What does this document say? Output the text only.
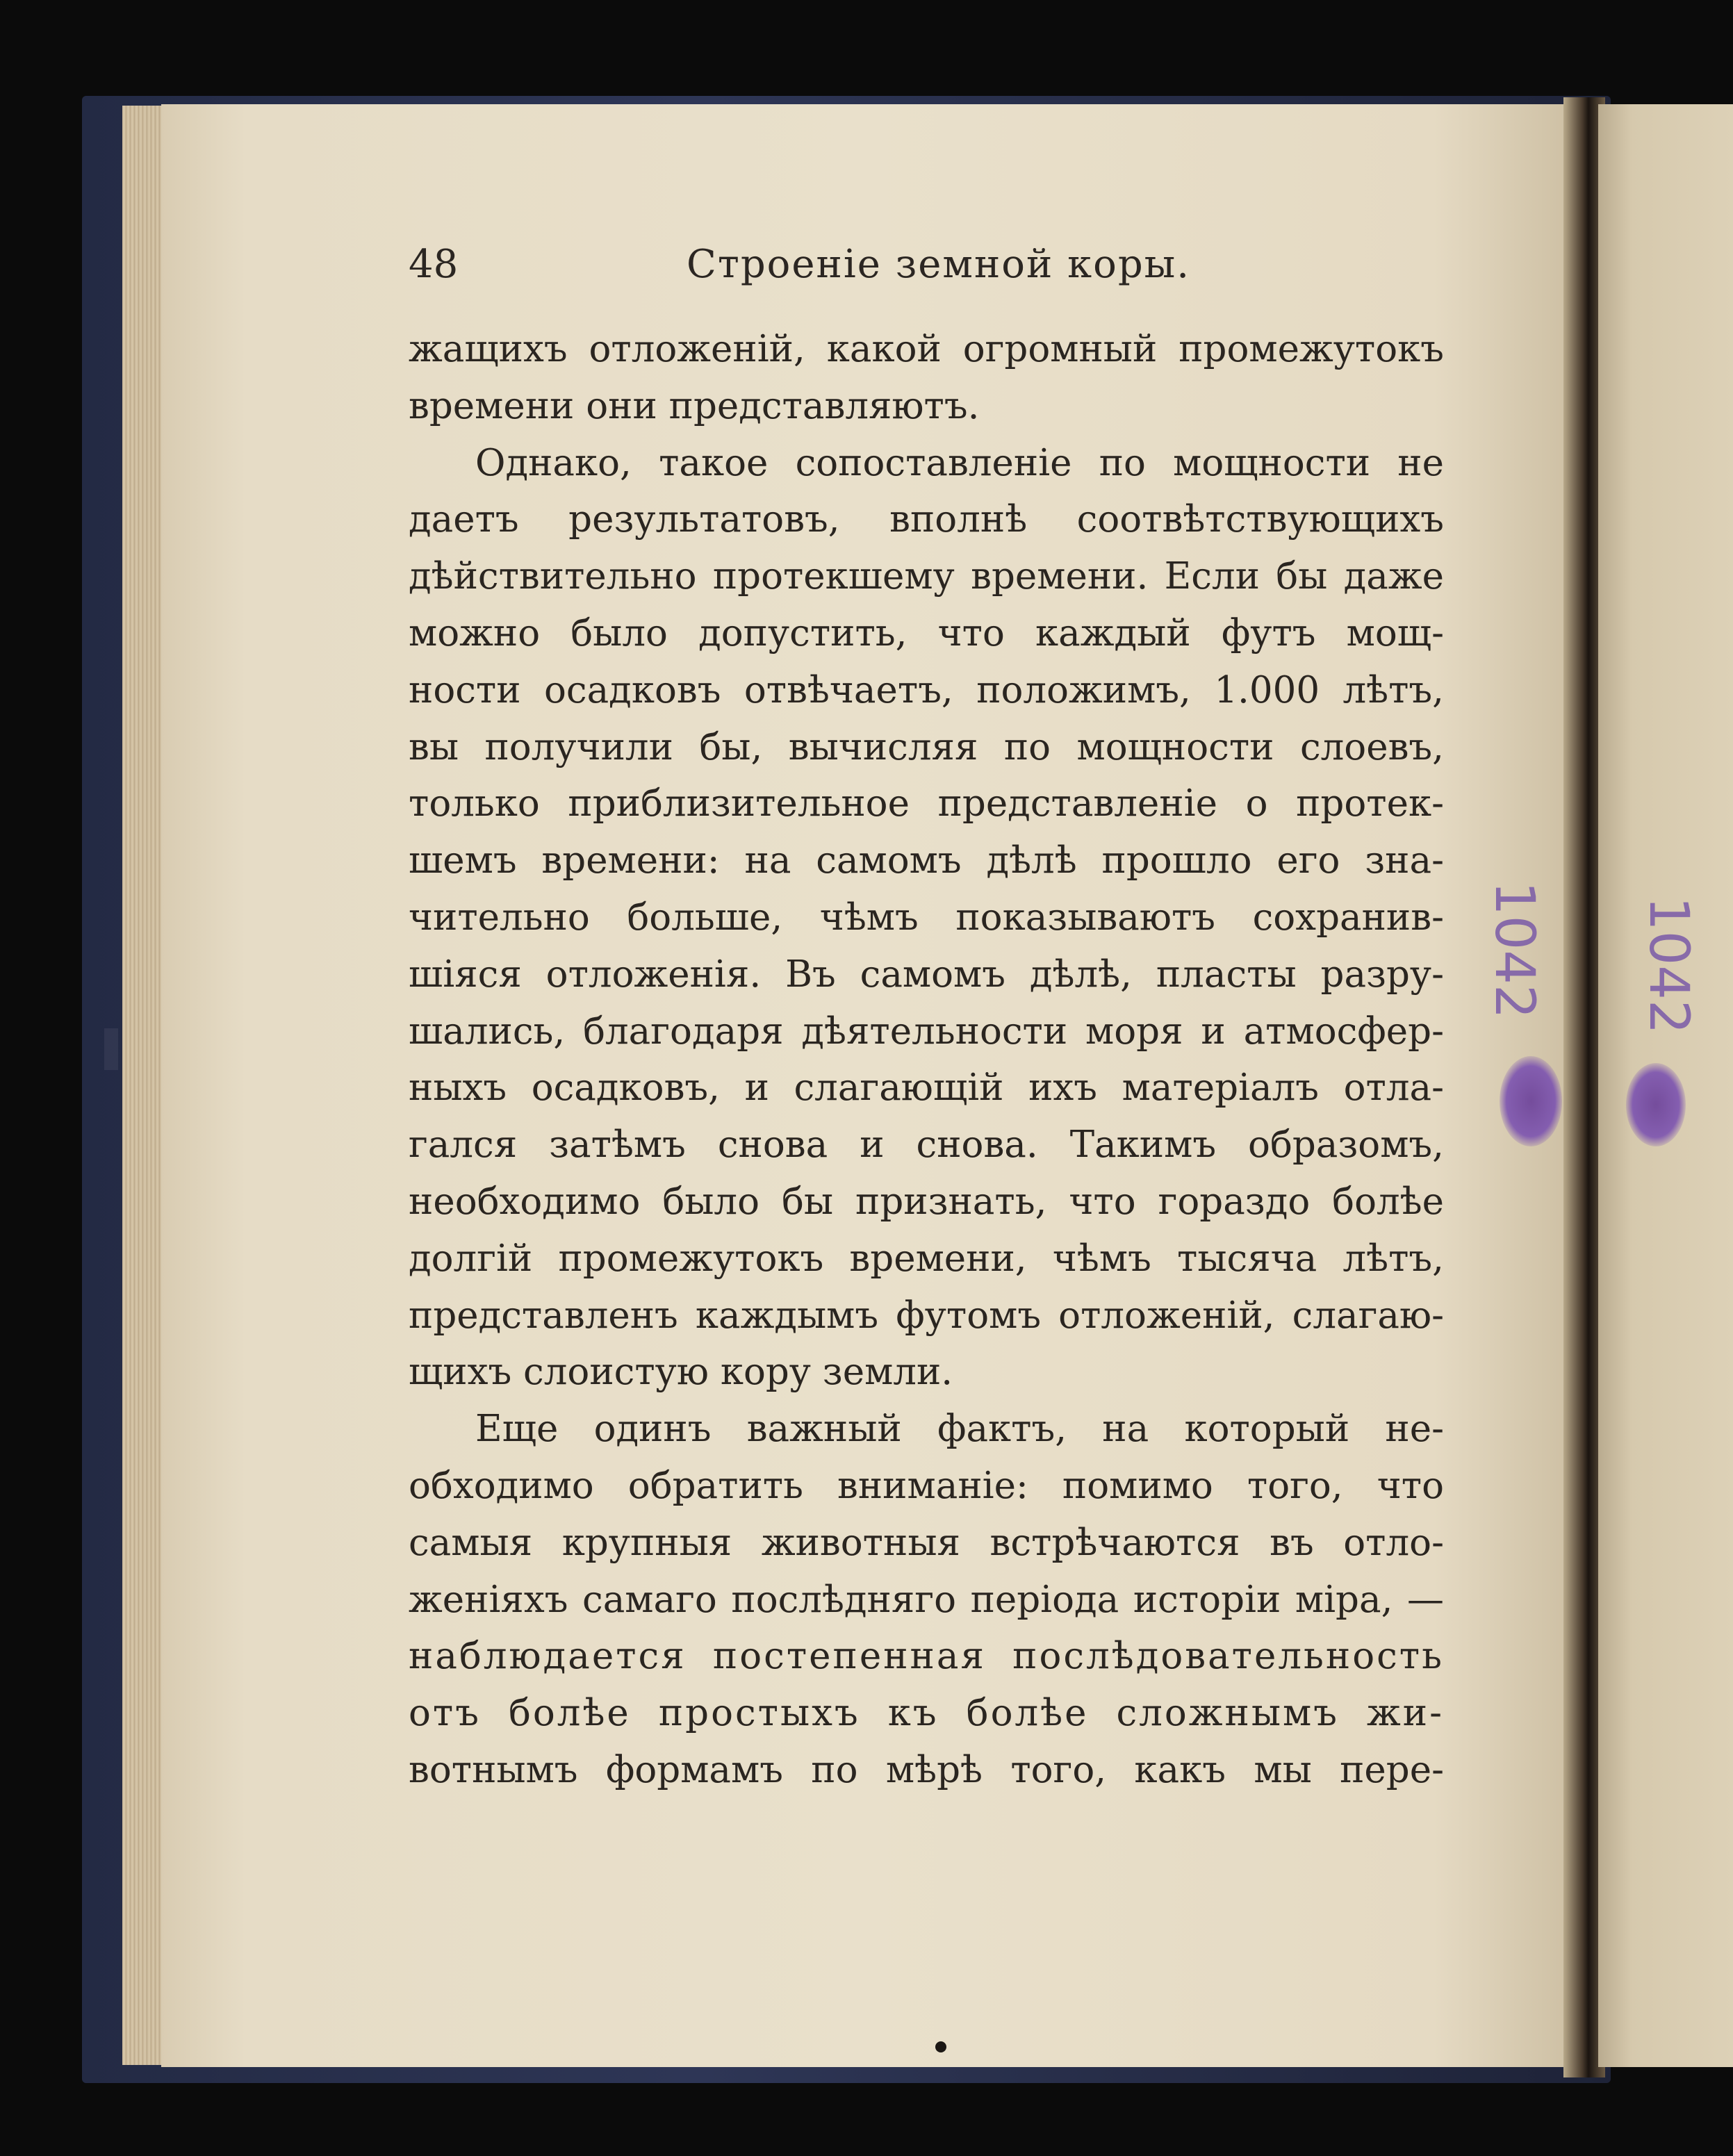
48	Строенiе земной коры.
жащихъ отложенiй, какой огромный промежутокъ
времени они представляютъ.
Однако, такое сопоставленiе по мощности не
даетъ результатовъ, вполнѣ соотвѣтствующихъ
дѣйствительно протекшему времени. Если бы даже
можно было допустить, что каждый футъ мощ-
ности осадковъ отвѣчаетъ, положимъ, 1.000 лѣтъ,
вы получили бы, вычисляя по мощности слоевъ,
только приблизительное представленiе о протек-
шемъ времени: на самомъ дѣлѣ прошло его зна-
чительно больше, чѣмъ показываютъ сохранив-
шiяся отложенiя. Въ самомъ дѣлѣ, пласты разру-
шались, благодаря дѣятельности моря и атмосфер-
ныхъ осадковъ, и слагающiй ихъ матерiалъ отла-
гался затѣмъ снова и снова. Такимъ образомъ,
необходимо было бы признать, что гораздо болѣе
долгiй промежутокъ времени, чѣмъ тысяча лѣтъ,
представленъ каждымъ футомъ отложенiй, слагаю-
щихъ слоистую кору земли.
Еще одинъ важный фактъ, на который не-
обходимо обратить вниманiе: помимо того, что
самыя крупныя животныя встрѣчаются въ отло-
женiяхъ самаго послѣдняго перiода исторiи мiра, —
наблюдается постепенная послѣдовательность
отъ болѣе простыхъ къ болѣе сложнымъ жи-
вотнымъ формамъ по мѣрѣ того, какъ мы пере-
1042 1042
